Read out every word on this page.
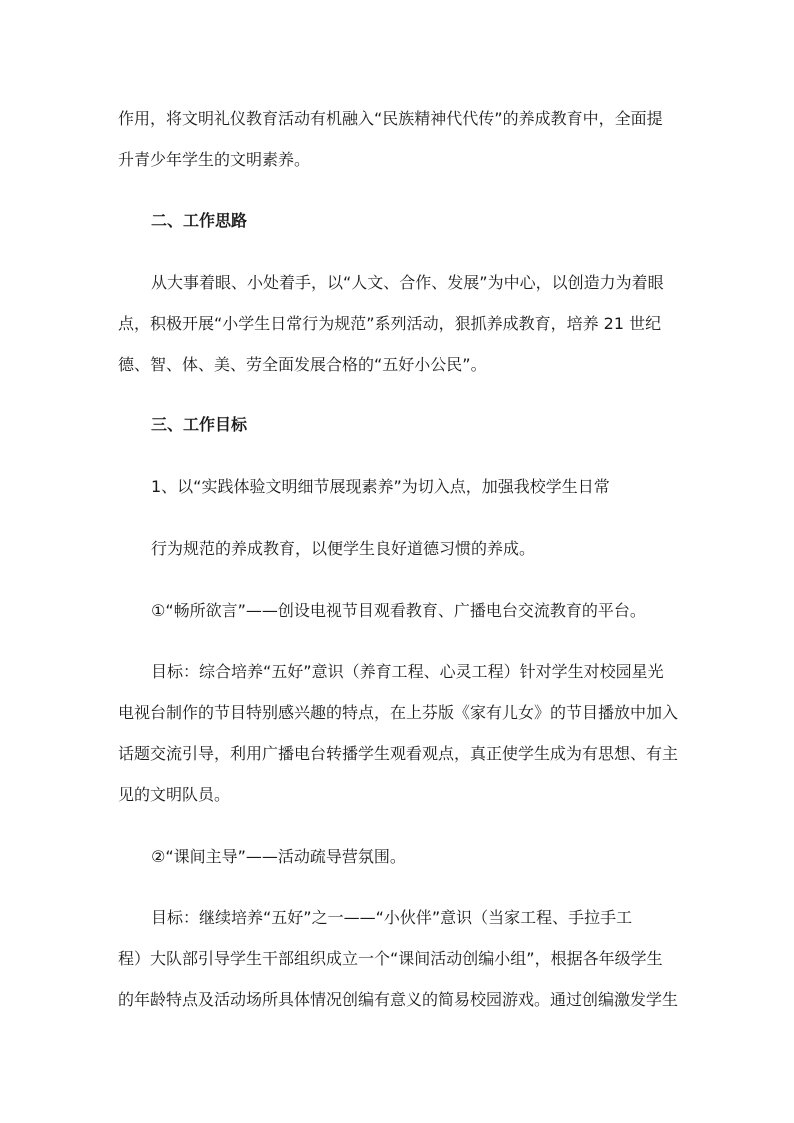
作用，将文明礼仪教育活动有机融入“民族精神代代传”的养成教育中，全面提
升青少年学生的文明素养。
二、工作思路
从大事着眼、小处着手，以“人文、合作、发展”为中心，以创造力为着眼
点，积极开展“小学生日常行为规范”系列活动，狠抓养成教育，培养 21 世纪
德、智、体、美、劳全面发展合格的“五好小公民”。
三、工作目标
1、以“实践体验文明细节展现素养”为切入点，加强我校学生日常
行为规范的养成教育，以便学生良好道德习惯的养成。
①“畅所欲言”——创设电视节目观看教育、广播电台交流教育的平台。
目标：综合培养“五好”意识（养育工程、心灵工程）针对学生对校园星光
电视台制作的节目特别感兴趣的特点，在上芬版《家有儿女》的节目播放中加入
话题交流引导，利用广播电台转播学生观看观点，真正使学生成为有思想、有主
见的文明队员。
②“课间主导”——活动疏导营氛围。
目标：继续培养“五好”之一——“小伙伴”意识（当家工程、手拉手工
程）大队部引导学生干部组织成立一个“课间活动创编小组”，根据各年级学生
的年龄特点及活动场所具体情况创编有意义的简易校园游戏。通过创编激发学生
